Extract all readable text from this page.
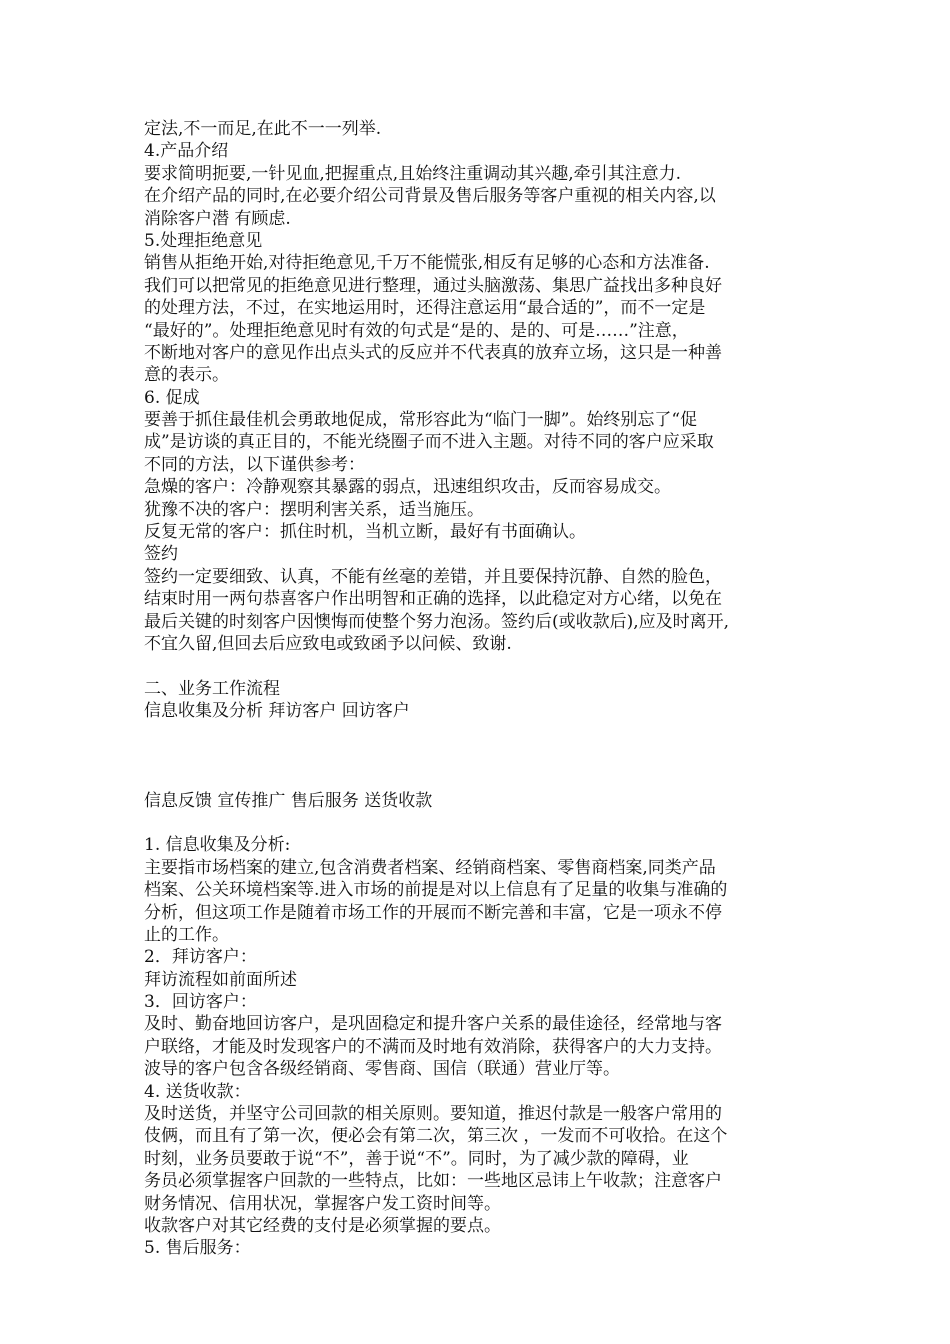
定法,不一而足,在此不一一列举.
4.产品介绍
要求简明扼要,一针见血,把握重点,且始终注重调动其兴趣,牵引其注意力.
在介绍产品的同时,在必要介绍公司背景及售后服务等客户重视的相关内容,以
消除客户潜 有顾虑.
5.处理拒绝意见
销售从拒绝开始,对待拒绝意见,千万不能慌张,相反有足够的心态和方法准备.
我们可以把常见的拒绝意见进行整理，通过头脑激荡、集思广益找出多种良好
的处理方法，不过，在实地运用时，还得注意运用“最合适的”，而不一定是
“最好的”。处理拒绝意见时有效的句式是“是的、是的、可是……”注意，
不断地对客户的意见作出点头式的反应并不代表真的放弃立场，这只是一种善
意的表示。
6. 促成
要善于抓住最佳机会勇敢地促成，常形容此为“临门一脚”。始终别忘了“促
成”是访谈的真正目的，不能光绕圈子而不进入主题。对待不同的客户应采取
不同的方法，以下谨供参考：
急燥的客户：冷静观察其暴露的弱点，迅速组织攻击，反而容易成交。
犹豫不决的客户：摆明利害关系，适当施压。
反复无常的客户：抓住时机，当机立断，最好有书面确认。
签约
签约一定要细致、认真，不能有丝毫的差错，并且要保持沉静、自然的脸色，
结束时用一两句恭喜客户作出明智和正确的选择，以此稳定对方心绪，以免在
最后关键的时刻客户因懊悔而使整个努力泡汤。签约后(或收款后),应及时离开,
不宜久留,但回去后应致电或致函予以问候、致谢.
二、业务工作流程
信息收集及分析 拜访客户 回访客户
信息反馈 宣传推广 售后服务 送货收款
1. 信息收集及分析:
主要指市场档案的建立,包含消费者档案、经销商档案、零售商档案,同类产品
档案、公关环境档案等.进入市场的前提是对以上信息有了足量的收集与准确的
分析，但这项工作是随着市场工作的开展而不断完善和丰富，它是一项永不停
止的工作。
2．拜访客户：
拜访流程如前面所述
3．回访客户：
及时、勤奋地回访客户，是巩固稳定和提升客户关系的最佳途径，经常地与客
户联络，才能及时发现客户的不满而及时地有效消除，获得客户的大力支持。
波导的客户包含各级经销商、零售商、国信（联通）营业厅等。
4. 送货收款：
及时送货，并坚守公司回款的相关原则。要知道，推迟付款是一般客户常用的
伎俩，而且有了第一次，便必会有第二次，第三次 ，一发而不可收拾。在这个
时刻，业务员要敢于说“不”，善于说“不”。同时，为了减少款的障碍，业
务员必须掌握客户回款的一些特点，比如：一些地区忌讳上午收款；注意客户
财务情况、信用状况，掌握客户发工资时间等。
收款客户对其它经费的支付是必须掌握的要点。
5. 售后服务：
